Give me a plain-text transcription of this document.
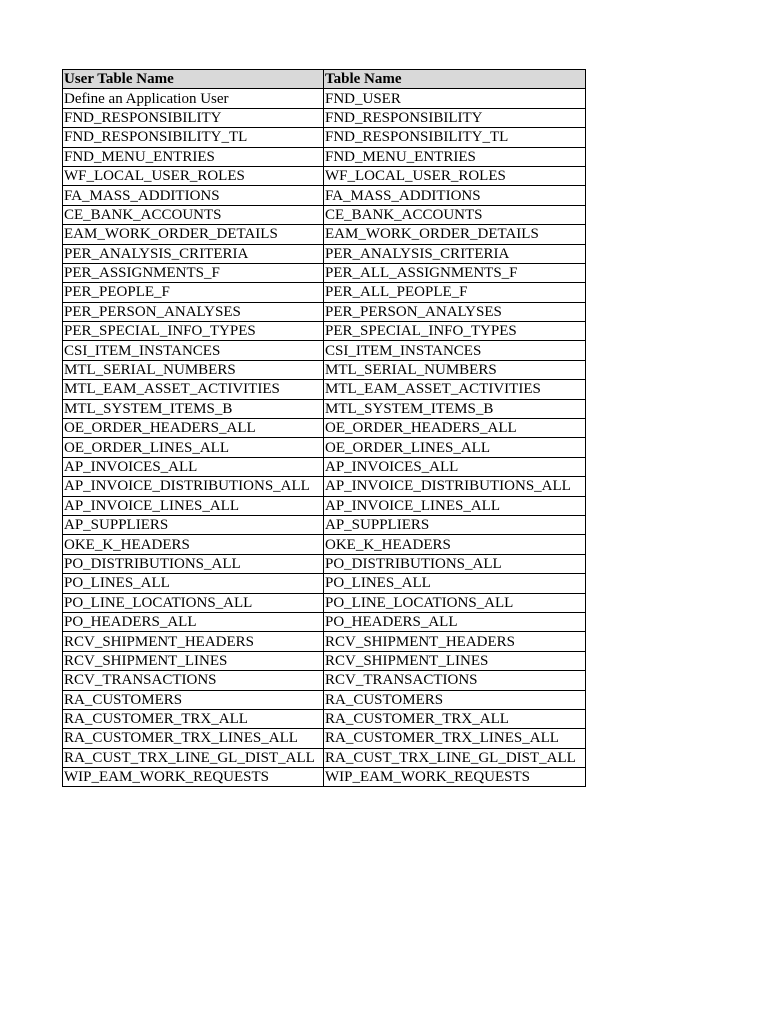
User Table Name	Table Name
Define an Application User	FND_USER
FND_RESPONSIBILITY	FND_RESPONSIBILITY
FND_RESPONSIBILITY_TL	FND_RESPONSIBILITY_TL
FND_MENU_ENTRIES	FND_MENU_ENTRIES
WF_LOCAL_USER_ROLES	WF_LOCAL_USER_ROLES
FA_MASS_ADDITIONS	FA_MASS_ADDITIONS
CE_BANK_ACCOUNTS	CE_BANK_ACCOUNTS
EAM_WORK_ORDER_DETAILS	EAM_WORK_ORDER_DETAILS
PER_ANALYSIS_CRITERIA	PER_ANALYSIS_CRITERIA
PER_ASSIGNMENTS_F	PER_ALL_ASSIGNMENTS_F
PER_PEOPLE_F	PER_ALL_PEOPLE_F
PER_PERSON_ANALYSES	PER_PERSON_ANALYSES
PER_SPECIAL_INFO_TYPES	PER_SPECIAL_INFO_TYPES
CSI_ITEM_INSTANCES	CSI_ITEM_INSTANCES
MTL_SERIAL_NUMBERS	MTL_SERIAL_NUMBERS
MTL_EAM_ASSET_ACTIVITIES	MTL_EAM_ASSET_ACTIVITIES
MTL_SYSTEM_ITEMS_B	MTL_SYSTEM_ITEMS_B
OE_ORDER_HEADERS_ALL	OE_ORDER_HEADERS_ALL
OE_ORDER_LINES_ALL	OE_ORDER_LINES_ALL
AP_INVOICES_ALL	AP_INVOICES_ALL
AP_INVOICE_DISTRIBUTIONS_ALL	AP_INVOICE_DISTRIBUTIONS_ALL
AP_INVOICE_LINES_ALL	AP_INVOICE_LINES_ALL
AP_SUPPLIERS	AP_SUPPLIERS
OKE_K_HEADERS	OKE_K_HEADERS
PO_DISTRIBUTIONS_ALL	PO_DISTRIBUTIONS_ALL
PO_LINES_ALL	PO_LINES_ALL
PO_LINE_LOCATIONS_ALL	PO_LINE_LOCATIONS_ALL
PO_HEADERS_ALL	PO_HEADERS_ALL
RCV_SHIPMENT_HEADERS	RCV_SHIPMENT_HEADERS
RCV_SHIPMENT_LINES	RCV_SHIPMENT_LINES
RCV_TRANSACTIONS	RCV_TRANSACTIONS
RA_CUSTOMERS	RA_CUSTOMERS
RA_CUSTOMER_TRX_ALL	RA_CUSTOMER_TRX_ALL
RA_CUSTOMER_TRX_LINES_ALL	RA_CUSTOMER_TRX_LINES_ALL
RA_CUST_TRX_LINE_GL_DIST_ALL	RA_CUST_TRX_LINE_GL_DIST_ALL
WIP_EAM_WORK_REQUESTS	WIP_EAM_WORK_REQUESTS
